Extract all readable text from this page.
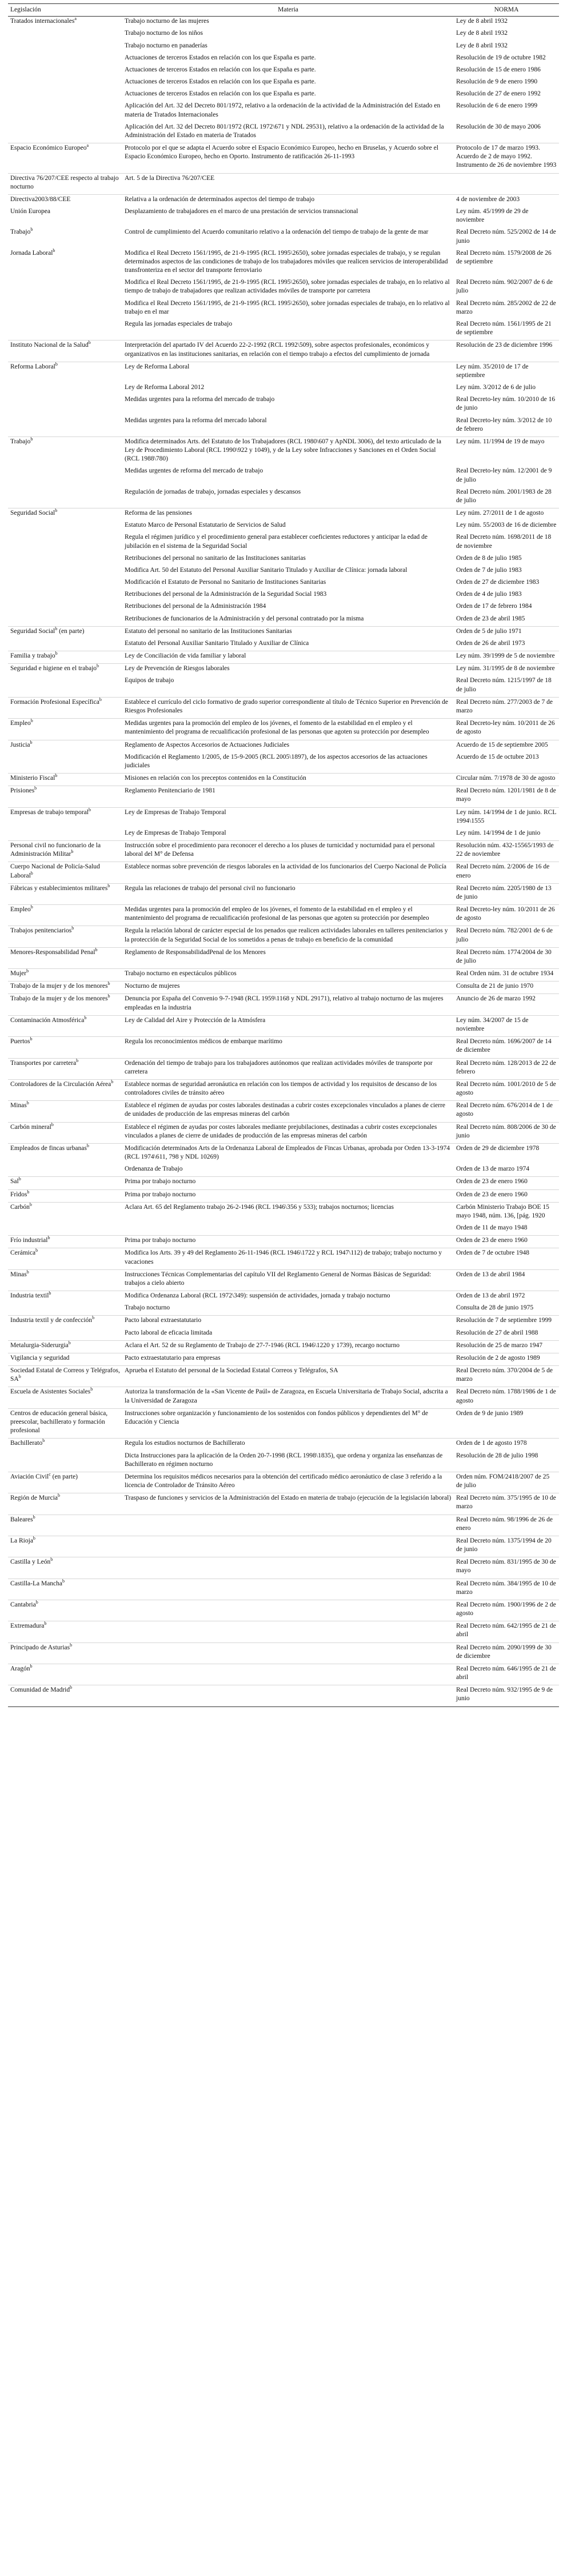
Legislación	Materia	NORMA
Tratados internacionales$^a$	Trabajo nocturno de las mujeres	Ley de 8 abril 1932
	Trabajo nocturno de los niños	Ley de 8 abril 1932
	Trabajo nocturno en panaderías	Ley de 8 abril 1932
	Actuaciones de terceros Estados en relación con los que España es parte.	Resolución de 19 de octubre 1982
	Actuaciones de terceros Estados en relación con los que España es parte.	Resolución de 15 de enero 1986
	Actuaciones de terceros Estados en relación con los que España es parte.	Resolución de 9 de enero 1990
	Actuaciones de terceros Estados en relación con los que España es parte.	Resolución de 27 de enero 1992
	Aplicación del Art. 32 del Decreto 801/1972, relativo a la ordenación de la actividad de la Administración del Estado en materia de Tratados Internacionales	Resolución de 6 de enero 1999
	Aplicación del Art. 32 del Decreto 801/1972 (RCL 1972\671 y NDL 29531), relativo a la ordenación de la actividad de la Administración del Estado en materia de Tratados	Resolución de 30 de mayo 2006
Espacio Económico Europeo$^a$	Protocolo por el que se adapta el Acuerdo sobre el Espacio Económico Europeo, hecho en Bruselas, y Acuerdo sobre el Espacio Económico Europeo, hecho en Oporto. Instrumento de ratificación 26-11-1993	Protocolo de 17 de marzo 1993. Acuerdo de 2 de mayo 1992. Instrumento de 26 de noviembre 1993
Directiva 76/207/CEE respecto al trabajo nocturno	Art. 5 de la Directiva 76/207/CEE	
Directiva2003/88/CEE	Relativa a la ordenación de determinados aspectos del tiempo de trabajo	4 de noviembre de 2003
Unión Europea	Desplazamiento de trabajadores en el marco de una prestación de servicios transnacional	Ley núm. 45/1999 de 29 de noviembre
Trabajo$^b$	Control de cumplimiento del Acuerdo comunitario relativo a la ordenación del tiempo de trabajo de la gente de mar	Real Decreto núm. 525/2002 de 14 de junio
Jornada Laboral$^b$	Modifica el Real Decreto 1561/1995, de 21-9-1995 (RCL 1995\2650), sobre jornadas especiales de trabajo, y se regulan determinados aspectos de las condiciones de trabajo de los trabajadores móviles que realicen servicios de interoperabilidad transfronteriza en el sector del transporte ferroviario	Real Decreto núm. 1579/2008 de 26 de septiembre
	Modifica el Real Decreto 1561/1995, de 21-9-1995 (RCL 1995\2650), sobre jornadas especiales de trabajo, en lo relativo al tiempo de trabajo de trabajadores que realizan actividades móviles de transporte por carretera	Real Decreto núm. 902/2007 de 6 de julio
	Modifica el Real Decreto 1561/1995, de 21-9-1995 (RCL 1995\2650), sobre jornadas especiales de trabajo, en lo relativo al trabajo en el mar	Real Decreto núm. 285/2002 de 22 de marzo
	Regula las jornadas especiales de trabajo	Real Decreto núm. 1561/1995 de 21 de septiembre
Instituto Nacional de la Salud$^b$	Interpretación del apartado IV del Acuerdo 22-2-1992 (RCL 1992\509), sobre aspectos profesionales, económicos y organizativos en las instituciones sanitarias, en relación con el tiempo trabajo a efectos del cumplimiento de jornada	Resolución de 23 de diciembre 1996
Reforma Laboral$^b$	Ley de Reforma Laboral	Ley núm. 35/2010 de 17 de septiembre
	Ley de Reforma Laboral 2012	Ley núm. 3/2012 de 6 de julio
	Medidas urgentes para la reforma del mercado de trabajo	Real Decreto-ley núm. 10/2010 de 16 de junio
	Medidas urgentes para la reforma del mercado laboral	Real Decreto-ley núm. 3/2012 de 10 de febrero
Trabajo$^b$	Modifica determinados Arts. del Estatuto de los Trabajadores (RCL 1980\607 y ApNDL 3006), del texto articulado de la Ley de Procedimiento Laboral (RCL 1990\922 y 1049), y de la Ley sobre Infracciones y Sanciones en el Orden Social (RCL 1988\780)	Ley núm. 11/1994 de 19 de mayo
	Medidas urgentes de reforma del mercado de trabajo	Real Decreto-ley núm. 12/2001 de 9 de julio
	Regulación de jornadas de trabajo, jornadas especiales y descansos	Real Decreto núm. 2001/1983 de 28 de julio
Seguridad Social$^b$	Reforma de las pensiones	Ley núm. 27/2011 de 1 de agosto
	Estatuto Marco de Personal Estatutario de Servicios de Salud	Ley núm. 55/2003 de 16 de diciembre
	Regula el régimen jurídico y el procedimiento general para establecer coeficientes reductores y anticipar la edad de jubilación en el sistema de la Seguridad Social	Real Decreto núm. 1698/2011 de 18 de noviembre
	Retribuciones del personal no sanitario de las Instituciones sanitarias	Orden de 8 de julio 1985
	Modifica Art. 50 del Estatuto del Personal Auxiliar Sanitario Titulado y Auxiliar de Clínica: jornada laboral	Orden de 7 de julio 1983
	Modificación el Estatuto de Personal no Sanitario de Instituciones Sanitarias	Orden de 27 de diciembre 1983
	Retribuciones del personal de la Administración de la Seguridad Social 1983	Orden de 4 de julio 1983
	Retribuciones del personal de la Administración 1984	Orden de 17 de febrero 1984
	Retribuciones de funcionarios de la Administración y del personal contratado por la misma	Orden de 23 de abril 1985
Seguridad Social$^b$ (en parte)	Estatuto del personal no sanitario de las Instituciones Sanitarias	Orden de 5 de julio 1971
	Estatuto del Personal Auxiliar Sanitario Titulado y Auxiliar de Clínica	Orden de 26 de abril 1973
Familia y trabajo$^b$	Ley de Conciliación de vida familiar y laboral	Ley núm. 39/1999 de 5 de noviembre
Seguridad e higiene en el trabajo$^b$	Ley de Prevención de Riesgos laborales	Ley núm. 31/1995 de 8 de noviembre
	Equipos de trabajo	Real Decreto núm. 1215/1997 de 18 de julio
Formación Profesional Específica$^b$	Establece el currículo del ciclo formativo de grado superior correspondiente al título de Técnico Superior en Prevención de Riesgos Profesionales	Real Decreto núm. 277/2003 de 7 de marzo
Empleo$^b$	Medidas urgentes para la promoción del empleo de los jóvenes, el fomento de la estabilidad en el empleo y el mantenimiento del programa de recualificación profesional de las personas que agoten su protección por desempleo	Real Decreto-ley núm. 10/2011 de 26 de agosto
Justicia$^b$	Reglamento de Aspectos Accesorios de Actuaciones Judiciales	Acuerdo de 15 de septiembre 2005
	Modificación el Reglamento 1/2005, de 15-9-2005 (RCL 2005\1897), de los aspectos accesorios de las actuaciones judiciales	Acuerdo de 15 de octubre 2013
Ministerio Fiscal$^b$	Misiones en relación con los preceptos contenidos en la Constitución	Circular núm. 7/1978 de 30 de agosto
Prisiones$^b$	Reglamento Penitenciario de 1981	Real Decreto núm. 1201/1981 de 8 de mayo
Empresas de trabajo temporal$^b$	Ley de Empresas de Trabajo Temporal	Ley núm. 14/1994 de 1 de junio. RCL 1994\1555
	Ley de Empresas de Trabajo Temporal	Ley núm. 14/1994 de 1 de junio
Personal civil no funcionario de la Administración Militar$^b$	Instrucción sobre el procedimiento para reconocer el derecho a los pluses de turnicidad y nocturnidad para el personal laboral del M° de Defensa	Resolución núm. 432-15565/1993 de 22 de noviembre
Cuerpo Nacional de Policía-Salud Laboral$^b$	Establece normas sobre prevención de riesgos laborales en la actividad de los funcionarios del Cuerpo Nacional de Policía	Real Decreto núm. 2/2006 de 16 de enero
Fábricas y establecimientos militares$^b$	Regula las relaciones de trabajo del personal civil no funcionario	Real Decreto núm. 2205/1980 de 13 de junio
Empleo$^b$	Medidas urgentes para la promoción del empleo de los jóvenes, el fomento de la estabilidad en el empleo y el mantenimiento del programa de recualificación profesional de las personas que agoten su protección por desempleo	Real Decreto-ley núm. 10/2011 de 26 de agosto
Trabajos penitenciarios$^b$	Regula la relación laboral de carácter especial de los penados que realicen actividades laborales en talleres penitenciarios y la protección de la Seguridad Social de los sometidos a penas de trabajo en beneficio de la comunidad	Real Decreto núm. 782/2001 de 6 de julio
Menores-Responsabilidad Penal$^b$	Reglamento de ResponsabilidadPenal de los Menores	Real Decreto núm. 1774/2004 de 30 de julio
Mujer$^b$	Trabajo nocturno en espectáculos públicos	Real Orden núm. 31 de octubre 1934
Trabajo de la mujer y de los menores$^b$	Nocturno de mujeres	Consulta de 21 de junio 1970
Trabajo de la mujer y de los menores$^b$	Denuncia por España del Convenio 9-7-1948 (RCL 1959\1168 y NDL 29171), relativo al trabajo nocturno de las mujeres empleadas en la industria	Anuncio de 26 de marzo 1992
Contaminación Atmosférica$^b$	Ley de Calidad del Aire y Protección de la Atmósfera	Ley núm. 34/2007 de 15 de noviembre
Puertos$^b$	Regula los reconocimientos médicos de embarque marítimo	Real Decreto núm. 1696/2007 de 14 de diciembre
Transportes por carretera$^b$	Ordenación del tiempo de trabajo para los trabajadores autónomos que realizan actividades móviles de transporte por carretera	Real Decreto núm. 128/2013 de 22 de febrero
Controladores de la Circulación Aérea$^b$	Establece normas de seguridad aeronáutica en relación con los tiempos de actividad y los requisitos de descanso de los controladores civiles de tránsito aéreo	Real Decreto núm. 1001/2010 de 5 de agosto
Minas$^b$	Establece el régimen de ayudas por costes laborales destinadas a cubrir costes excepcionales vinculados a planes de cierre de unidades de producción de las empresas mineras del carbón	Real Decreto núm. 676/2014 de 1 de agosto
Carbón mineral$^b$	Establece el régimen de ayudas por costes laborales mediante prejubilaciones, destinadas a cubrir costes excepcionales vinculados a planes de cierre de unidades de producción de las empresas mineras del carbón	Real Decreto núm. 808/2006 de 30 de junio
Empleados de fincas urbanas$^b$	Modificación determinados Arts de la Ordenanza Laboral de Empleados de Fincas Urbanas, aprobada por Orden 13-3-1974 (RCL 1974\611, 798 y NDL 10269)	Orden de 29 de diciembre 1978
	Ordenanza de Trabajo	Orden de 13 de marzo 1974
Sal$^b$	Prima por trabajo nocturno	Orden de 23 de enero 1960
Frìdos$^b$	Prima por trabajo nocturno	Orden de 23 de enero 1960
Carbón$^b$	Aclara Art. 65 del Reglamento trabajo 26-2-1946 (RCL 1946\356 y 533); trabajos nocturnos; licencias	Carbón Ministerio Trabajo BOE 15 mayo 1948, núm. 136, [pág. 1920
		Orden de 11 de mayo 1948
Frío industrial$^b$	Prima por trabajo nocturno	Orden de 23 de enero 1960
Cerámica$^b$	Modifica los Arts. 39 y 49 del Reglamento 26-11-1946 (RCL 1946\1722 y RCL 1947\112) de trabajo; trabajo nocturno y vacaciones	Orden de 7 de octubre 1948
Minas$^b$	Instrucciones Técnicas Complementarias del capítulo VII del Reglamento General de Normas Básicas de Seguridad: trabajos a cielo abierto	Orden de 13 de abril 1984
Industria textil$^b$	Modifica Ordenanza Laboral (RCL 1972\349): suspensión de actividades, jornada y trabajo nocturno	Orden de 13 de abril 1972
	Trabajo nocturno	Consulta de 28 de junio 1975
Industria textil y de confección$^b$	Pacto laboral extraestatutario	Resolución de 7 de septiembre 1999
	Pacto laboral de eficacia limitada	Resolución de 27 de abril 1988
Metalurgia-Siderurgia$^b$	Aclara el Art. 52 de su Reglamento de Trabajo de 27-7-1946 (RCL 1946\1220 y 1739), recargo nocturno	Resolución de 25 de marzo 1947
Vigilancia y seguridad	Pacto extraestatutario para empresas	Resolución de 2 de agosto 1989
Sociedad Estatal de Correos y Telégrafos, $SA^b$	Aprueba el Estatuto del personal de la Sociedad Estatal Correos y Telégrafos, SA	Real Decreto núm. 370/2004 de 5 de marzo
Escuela de Asistentes Sociales$^b$	Autoriza la transformación de la «San Vicente de Paúl» de Zaragoza, en Escuela Universitaria de Trabajo Social, adscrita a la Universidad de Zaragoza	Real Decreto núm. 1788/1986 de 1 de agosto
Centros de educación general básica, preescolar, bachillerato y formación profesional	Instrucciones sobre organización y funcionamiento de los sostenidos con fondos públicos y dependientes del M° de Educación y Ciencia	Orden de 9 de junio 1989
Bachillerato$^b$	Regula los estudios nocturnos de Bachillerato	Orden de 1 de agosto 1978
	Dicta Instrucciones para la aplicación de la Orden 20-7-1998 (RCL 1998\1835), que ordena y organiza las enseñanzas de Bachillerato en régimen nocturno	Resolución de 28 de julio 1998
Aviación Civil$^c$ (en parte)	Determina los requisitos médicos necesarios para la obtención del certificado médico aeronáutico de clase 3 referido a la licencia de Controlador de Tránsito Aéreo	Orden núm. FOM/2418/2007 de 25 de julio
Región de Murcia$^b$	Traspaso de funciones y servicios de la Administración del Estado en materia de trabajo (ejecución de la legislación laboral)	Real Decreto núm. 375/1995 de 10 de marzo
Baleares$^b$		Real Decreto núm. 98/1996 de 26 de enero
La Rioja$^b$		Real Decreto núm. 1375/1994 de 20 de junio
Castilla y León$^b$		Real Decreto núm. 831/1995 de 30 de mayo
Castilla-La Mancha$^b$		Real Decreto núm. 384/1995 de 10 de marzo
Cantabria$^b$		Real Decreto núm. 1900/1996 de 2 de agosto
Extremadura$^b$		Real Decreto núm. 642/1995 de 21 de abril
Principado de Asturias$^b$		Real Decreto núm. 2090/1999 de 30 de diciembre
Aragón$^b$		Real Decreto núm. 646/1995 de 21 de abril
Comunidad de Madrid$^b$		Real Decreto núm. 932/1995 de 9 de junio
